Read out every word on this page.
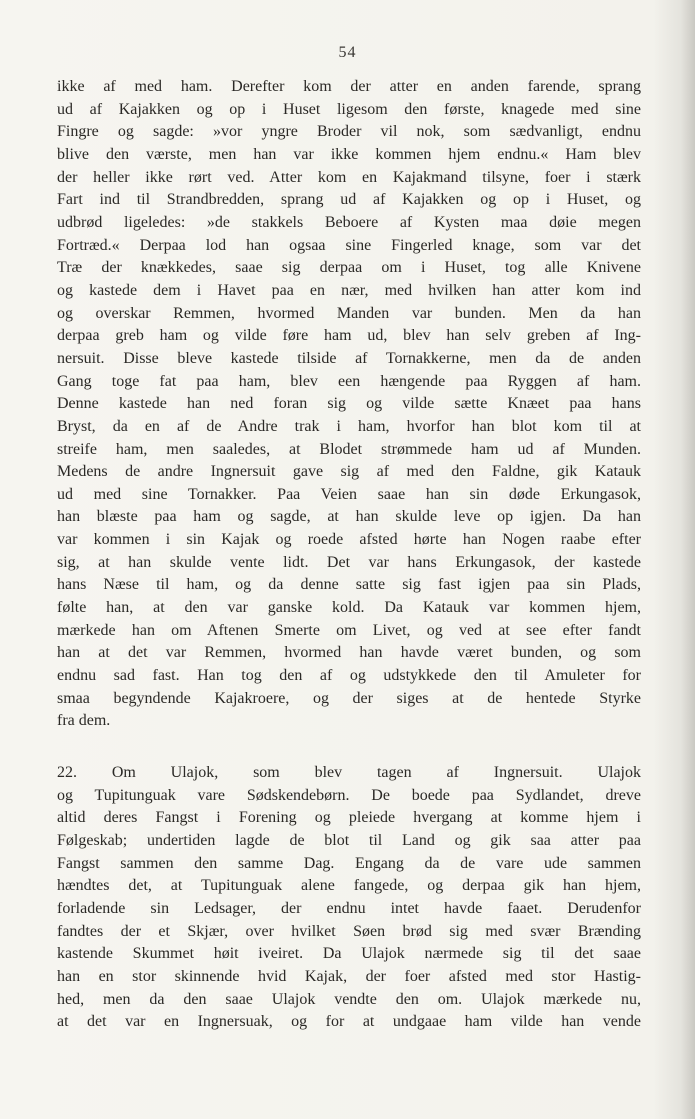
54
ikke af med ham. Derefter kom der atter en anden farende, sprang
ud af Kajakken og op i Huset ligesom den første, knagede med sine
Fingre og sagde: »vor yngre Broder vil nok, som sædvanligt, endnu
blive den værste, men han var ikke kommen hjem endnu.« Ham blev
der heller ikke rørt ved. Atter kom en Kajakmand tilsyne, foer i stærk
Fart ind til Strandbredden, sprang ud af Kajakken og op i Huset, og
udbrød ligeledes: »de stakkels Beboere af Kysten maa døie megen
Fortræd.« Derpaa lod han ogsaa sine Fingerled knage, som var det
Træ der knækkedes, saae sig derpaa om i Huset, tog alle Knivene
og kastede dem i Havet paa en nær, med hvilken han atter kom ind
og overskar Remmen, hvormed Manden var bunden. Men da han
derpaa greb ham og vilde føre ham ud, blev han selv greben af Ing-
nersuit. Disse bleve kastede tilside af Tornakkerne, men da de anden
Gang toge fat paa ham, blev een hængende paa Ryggen af ham.
Denne kastede han ned foran sig og vilde sætte Knæet paa hans
Bryst, da en af de Andre trak i ham, hvorfor han blot kom til at
streife ham, men saaledes, at Blodet strømmede ham ud af Munden.
Medens de andre Ingnersuit gave sig af med den Faldne, gik Katauk
ud med sine Tornakker. Paa Veien saae han sin døde Erkungasok,
han blæste paa ham og sagde, at han skulde leve op igjen. Da han
var kommen i sin Kajak og roede afsted hørte han Nogen raabe efter
sig, at han skulde vente lidt. Det var hans Erkungasok, der kastede
hans Næse til ham, og da denne satte sig fast igjen paa sin Plads,
følte han, at den var ganske kold. Da Katauk var kommen hjem,
mærkede han om Aftenen Smerte om Livet, og ved at see efter fandt
han at det var Remmen, hvormed han havde været bunden, og som
endnu sad fast. Han tog den af og udstykkede den til Amuleter for
smaa begyndende Kajakroere, og der siges at de hentede Styrke
fra dem.
22. Om Ulajok, som blev tagen af Ingnersuit. Ulajok
og Tupitunguak vare Sødskendebørn. De boede paa Sydlandet, dreve
altid deres Fangst i Forening og pleiede hvergang at komme hjem i
Følgeskab; undertiden lagde de blot til Land og gik saa atter paa
Fangst sammen den samme Dag. Engang da de vare ude sammen
hændtes det, at Tupitunguak alene fangede, og derpaa gik han hjem,
forladende sin Ledsager, der endnu intet havde faaet. Derudenfor
fandtes der et Skjær, over hvilket Søen brød sig med svær Brænding
kastende Skummet høit iveiret. Da Ulajok nærmede sig til det saae
han en stor skinnende hvid Kajak, der foer afsted med stor Hastig-
hed, men da den saae Ulajok vendte den om. Ulajok mærkede nu,
at det var en Ingnersuak, og for at undgaae ham vilde han vende
